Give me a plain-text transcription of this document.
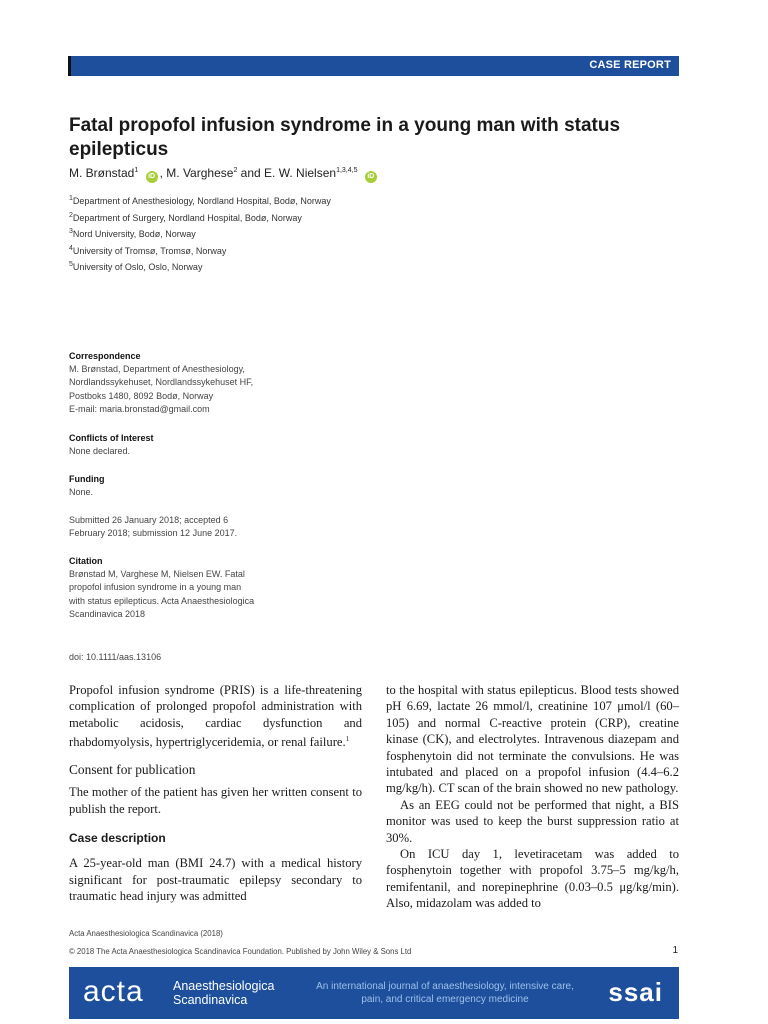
CASE REPORT
Fatal propofol infusion syndrome in a young man with status epilepticus
M. Brønstad$^1$ iD , M. Varghese$^2$ and E. W. Nielsen$^{1,3,4,5}$ iD
$^1$Department of Anesthesiology, Nordland Hospital, Bodø, Norway
$^2$Department of Surgery, Nordland Hospital, Bodø, Norway
$^3$Nord University, Bodø, Norway
$^4$University of Tromsø, Tromsø, Norway
$^5$University of Oslo, Oslo, Norway
Correspondence

M. Brønstad, Department of Anesthesiology,

Nordlandssykehuset, Nordlandssykehuset HF,

Postboks 1480, 8092 Bodø, Norway

E-mail: maria.bronstad@gmail.com

Conflicts of Interest

None declared.

Funding

None.

Submitted 26 January 2018; accepted 6

February 2018; submission 12 June 2017.

Citation

Brønstad M, Varghese M, Nielsen EW. Fatal

propofol infusion syndrome in a young man

with status epilepticus. Acta Anaesthesiologica

Scandinavica 2018

doi: 10.1111/aas.13106

Propofol infusion syndrome (PRIS) is a life-threatening complication of prolonged propofol administration with metabolic acidosis, cardiac dysfunction and rhabdomyolysis, hypertriglyceridemia, or renal failure.$^1$

Consent for publication

The mother of the patient has given her written consent to publish the report.

Case description

A 25-year-old man (BMI 24.7) with a medical history significant for post-traumatic epilepsy secondary to traumatic head injury was admitted

to the hospital with status epilepticus. Blood tests showed pH 6.69, lactate 26 mmol/l, creatinine 107 μmol/l (60–105) and normal C-reactive protein (CRP), creatine kinase (CK), and electrolytes. Intravenous diazepam and fosphenytoin did not terminate the convulsions. He was intubated and placed on a propofol infusion (4.4–6.2 mg/kg/h). CT scan of the brain showed no new pathology.

As an EEG could not be performed that night, a BIS monitor was used to keep the burst suppression ratio at 30%.

On ICU day 1, levetiracetam was added to fosphenytoin together with propofol 3.75–5 mg/kg/h, remifentanil, and norepinephrine (0.03–0.5 μg/kg/min). Also, midazolam was added to

Acta Anaesthesiologica Scandinavica (2018)
© 2018 The Acta Anaesthesiologica Scandinavica Foundation. Published by John Wiley & Sons Ltd	1
acta Anaesthesiologica
Scandinavica
An international journal of anaesthesiology, intensive care, pain, and critical emergency medicine	ssai
